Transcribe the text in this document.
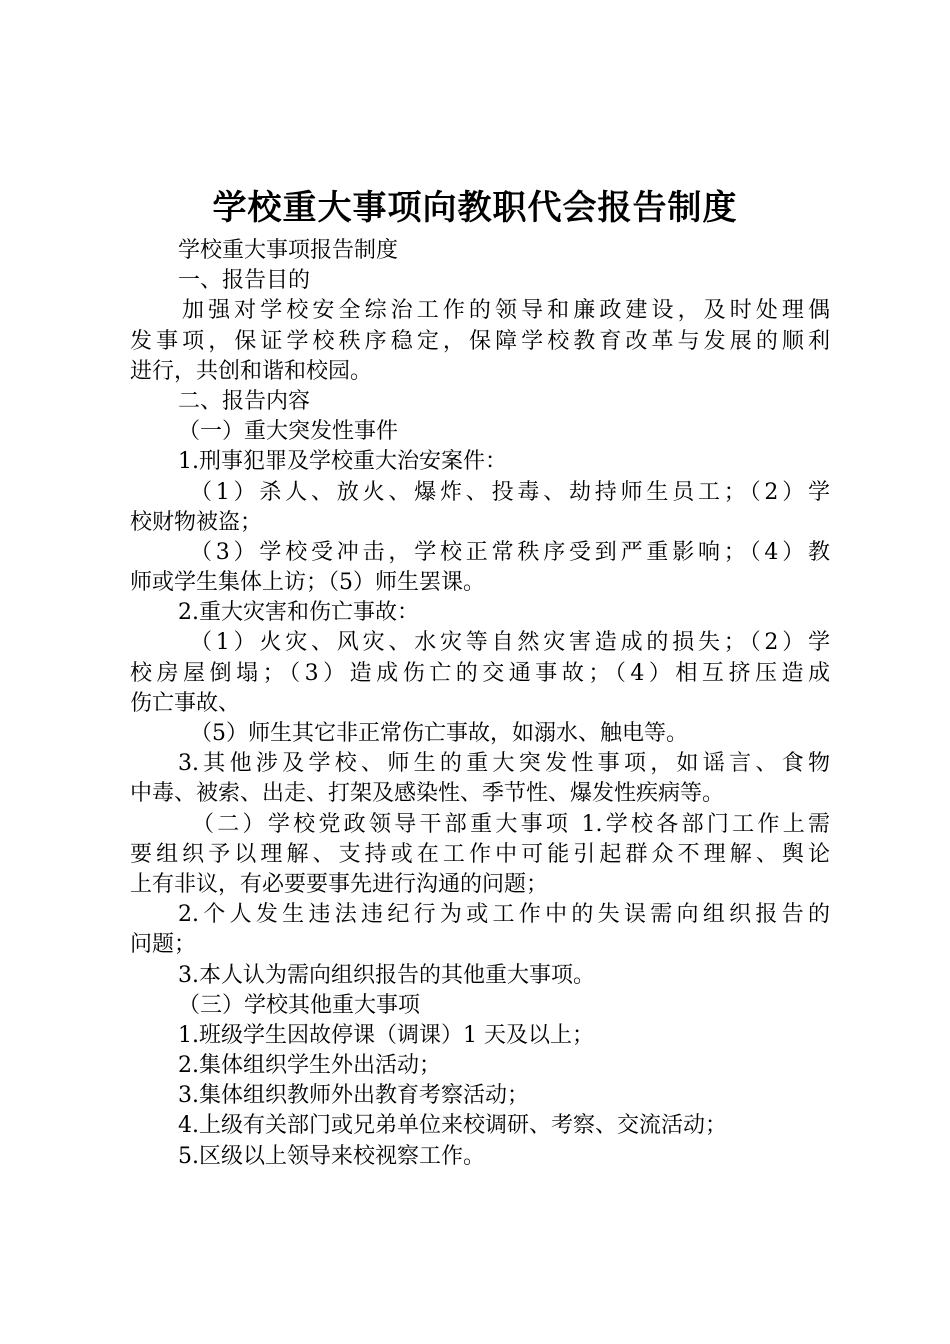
学校重大事项向教职代会报告制度
学校重大事项报告制度
一、报告目的
加强对学校安全综治工作的领导和廉政建设，及时处理偶
发事项，保证学校秩序稳定，保障学校教育改革与发展的顺利
进行，共创和谐和校园。
二、报告内容
（一）重大突发性事件
1.刑事犯罪及学校重大治安案件：
（1）杀人、放火、爆炸、投毒、劫持师生员工；（2）学
校财物被盗；
（3）学校受冲击，学校正常秩序受到严重影响；（4）教
师或学生集体上访；（5）师生罢课。
2.重大灾害和伤亡事故：
（1）火灾、风灾、水灾等自然灾害造成的损失；（2）学
校房屋倒塌；（3）造成伤亡的交通事故；（4）相互挤压造成
伤亡事故、
（5）师生其它非正常伤亡事故，如溺水、触电等。
3.其他涉及学校、师生的重大突发性事项，如谣言、食物
中毒、被索、出走、打架及感染性、季节性、爆发性疾病等。
（二）学校党政领导干部重大事项 1.学校各部门工作上需
要组织予以理解、支持或在工作中可能引起群众不理解、舆论
上有非议，有必要要事先进行沟通的问题；
2.个人发生违法违纪行为或工作中的失误需向组织报告的
问题；
3.本人认为需向组织报告的其他重大事项。
（三）学校其他重大事项
1.班级学生因故停课（调课）1 天及以上；
2.集体组织学生外出活动；
3.集体组织教师外出教育考察活动；
4.上级有关部门或兄弟单位来校调研、考察、交流活动；
5.区级以上领导来校视察工作。
